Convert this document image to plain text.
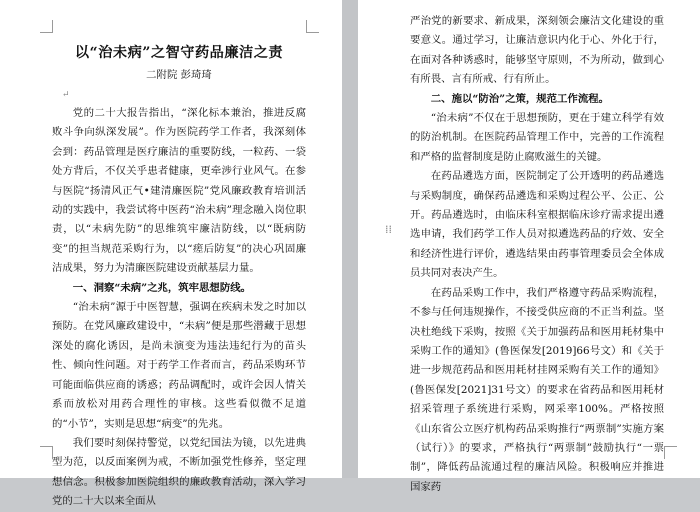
以“治未病”之智守药品廉洁之责
二附院 彭琦琦
↵

党的二十大报告指出，“深化标本兼治，推进反腐败斗争向纵深发展”。作为医院药学工作者，我深刻体会到：药品管理是医疗廉洁的重要防线，一粒药、一袋处方背后，不仅关乎患者健康，更牵涉行业风气。在参与医院“扬清风正气•建清廉医院”党风廉政教育培训活动的实践中，我尝试将中医药“治未病”理念融入岗位职责，以“未病先防”的思维筑牢廉洁防线，以“既病防变”的担当规范采购行为，以“瘥后防复”的决心巩固廉洁成果，努力为清廉医院建设贡献基层力量。

一、洞察“未病”之兆，筑牢思想防线。

“治未病”源于中医智慧，强调在疾病未发之时加以预防。在党风廉政建设中，“未病”便是那些潜藏于思想深处的腐化诱因，是尚未演变为违法违纪行为的苗头性、倾向性问题。对于药学工作者而言，药品采购环节可能面临供应商的诱惑；药品调配时，或许会因人情关系而放松对用药合理性的审核。这些看似微不足道的“小节”，实则是思想“病变”的先兆。

我们要时刻保持警觉，以党纪国法为镜，以先进典型为范，以反面案例为戒，不断加强党性修养，坚定理想信念。积极参加医院组织的廉政教育活动，深入学习党的二十大以来全面从

严治党的新要求、新成果，深刻领会廉洁文化建设的重要意义。通过学习，让廉洁意识内化于心、外化于行，在面对各种诱惑时，能够坚守原则，不为所动，做到心有所畏、言有所戒、行有所止。

二、施以“防治”之策，规范工作流程。

“治未病”不仅在于思想预防，更在于建立科学有效的防治机制。在医院药品管理工作中，完善的工作流程和严格的监督制度是防止腐败滋生的关键。

在药品遴选方面，医院制定了公开透明的药品遴选与采购制度，确保药品遴选和采购过程公平、公正、公开。药品遴选时，由临床科室根据临床诊疗需求提出遴选申请，我们药学工作人员对拟遴选药品的疗效、安全和经济性进行评价，遴选结果由药事管理委员会全体成员共同对表决产生。

在药品采购工作中，我们严格遵守药品采购流程，不参与任何违规操作，不接受供应商的不正当利益。坚决杜绝线下采购，按照《关于加强药品和医用耗材集中采购工作的通知》(鲁医保发[2019]66号文）和《关于进一步规范药品和医用耗材挂网采购有关工作的通知》(鲁医保发[2021]31号文）的要求在省药品和医用耗材招采管理子系统进行采购，网采率100%。严格按照《山东省公立医疗机构药品采购推行“两票制”实施方案（试行）》的要求，严格执行“两票制”鼓励执行“一票制”，降低药品流通过程的廉洁风险。积极响应并推进国家药

⁞⁞
